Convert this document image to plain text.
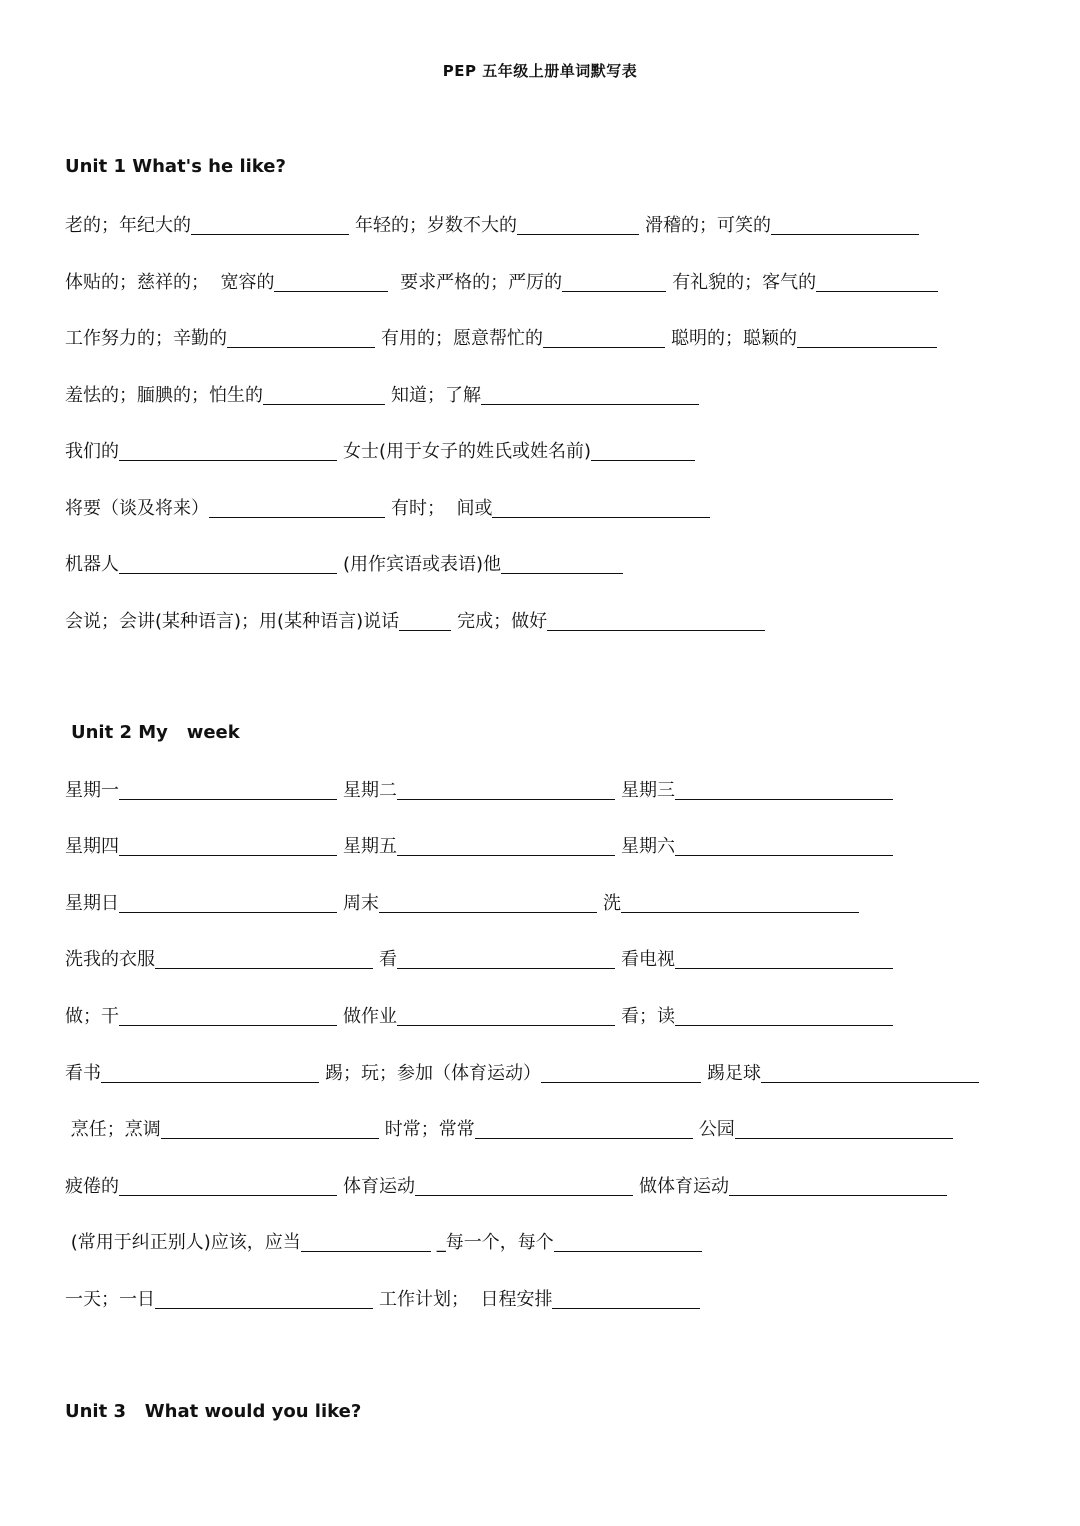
PEP 五年级上册单词默写表
Unit 1 What's he like?
老的；年纪大的	年轻的；岁数不大的	滑稽的；可笑的
体贴的；慈祥的；  宽容的	要求严格的；严厉的	有礼貌的；客气的
工作努力的；辛勤的	有用的；愿意帮忙的	聪明的；聪颖的
羞怯的；腼腆的；怕生的	知道；了解
我们的	女士(用于女子的姓氏或姓名前)
将要（谈及将来）	有时；  间或
机器人	(用作宾语或表语)他
会说；会讲(某种语言)；用(某种语言)说话	完成；做好
Unit 2 My   week
星期一	星期二	星期三
星期四	星期五	星期六
星期日	周末	洗
洗我的衣服	看	看电视
做；干	做作业	看；读
看书	踢；玩；参加（体育运动）	踢足球
烹任；烹调	时常；常常	公园
疲倦的	体育运动	做体育运动
(常用于纠正别人)应该，应当	_每一个，每个
一天；一日	工作计划；  日程安排
Unit 3   What would you like?
